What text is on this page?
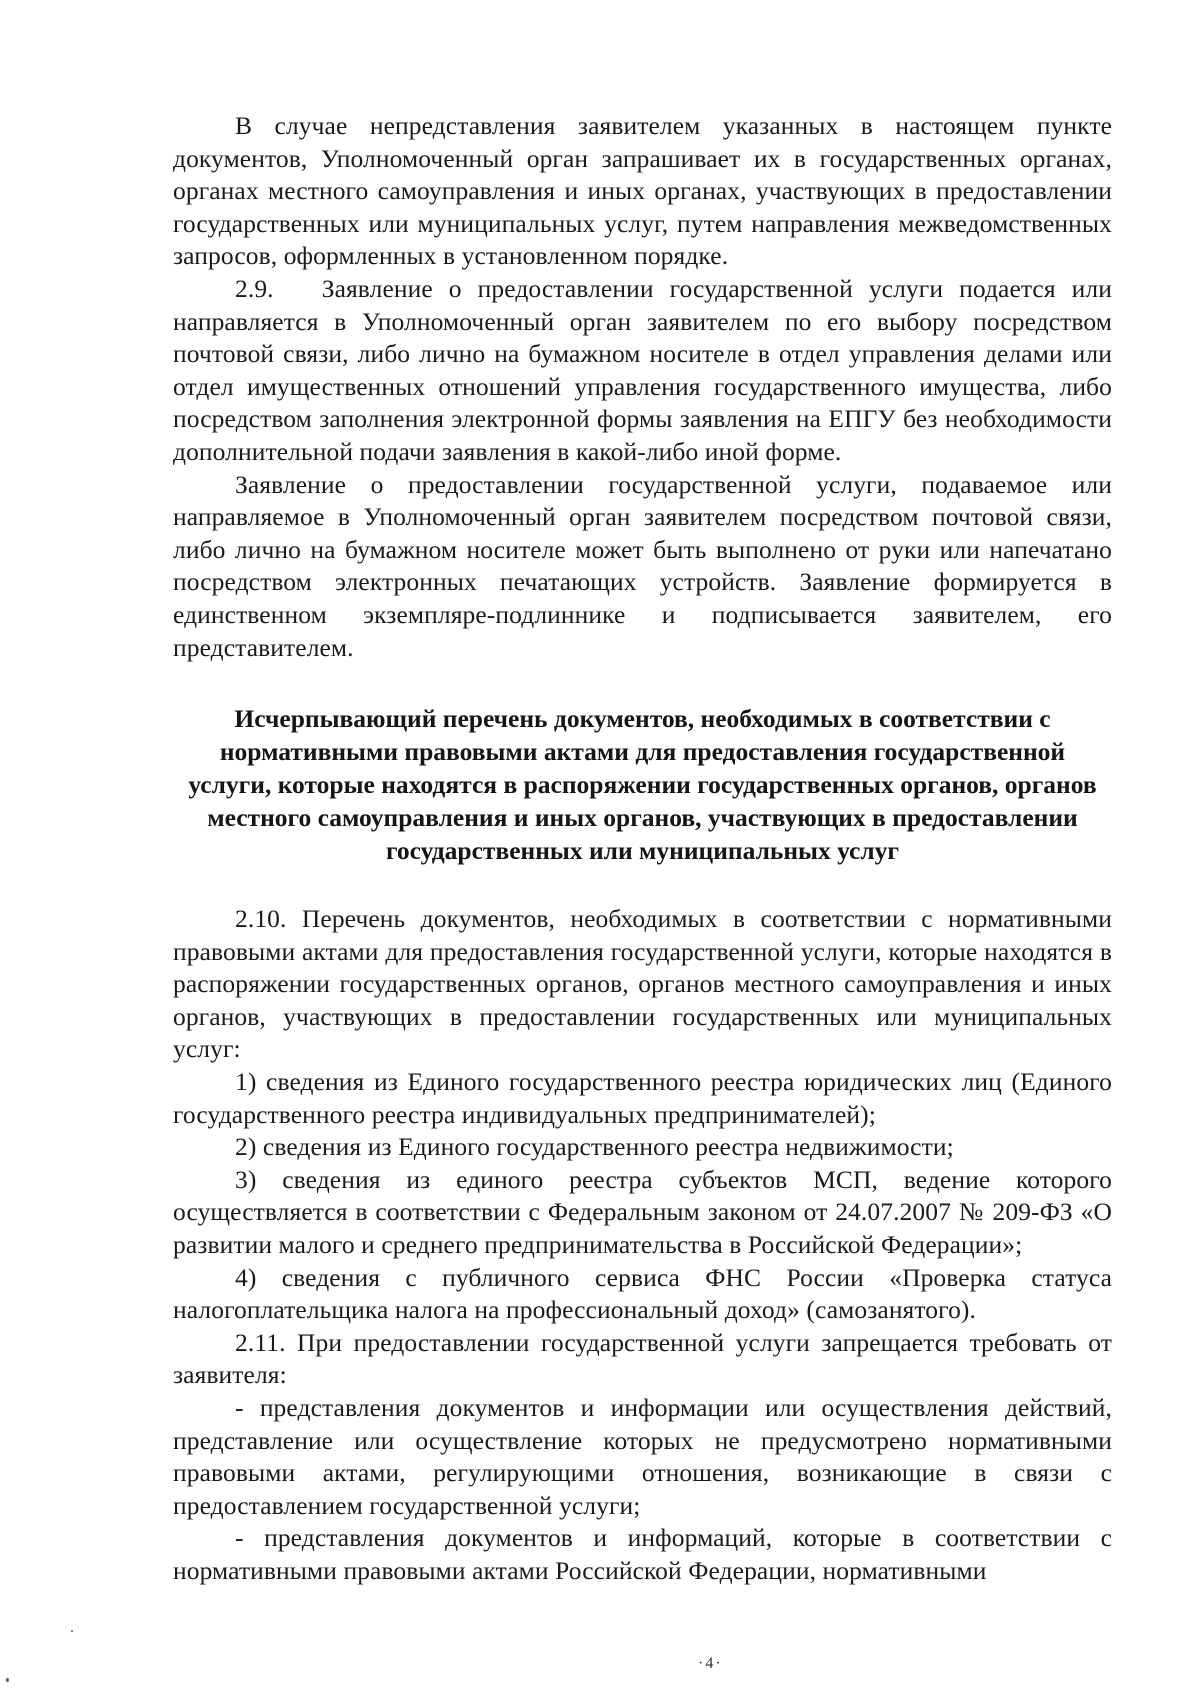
В случае непредставления заявителем указанных в настоящем пункте документов, Уполномоченный орган запрашивает их в государственных органах, органах местного самоуправления и иных органах, участвующих в предоставлении государственных или муниципальных услуг, путем направления межведомственных запросов, оформленных в установленном порядке.

2.9.   Заявление о предоставлении государственной услуги подается или направляется в Уполномоченный орган заявителем по его выбору посредством почтовой связи, либо лично на бумажном носителе в отдел управления делами или отдел имущественных отношений управления государственного имущества, либо посредством заполнения электронной формы заявления на ЕПГУ без необходимости дополнительной подачи заявления в какой-либо иной форме.

Заявление о предоставлении государственной услуги, подаваемое или направляемое в Уполномоченный орган заявителем посредством почтовой связи, либо лично на бумажном носителе может быть выполнено от руки или напечатано посредством электронных печатающих устройств. Заявление формируется в единственном экземпляре-подлиннике и подписывается заявителем, его представителем.

Исчерпывающий перечень документов, необходимых в соответствии с нормативными правовыми актами для предоставления государственной услуги, которые находятся в распоряжении государственных органов, органов местного самоуправления и иных органов, участвующих в предоставлении государственных или муниципальных услуг

2.10. Перечень документов, необходимых в соответствии с нормативными правовыми актами для предоставления государственной услуги, которые находятся в распоряжении государственных органов, органов местного самоуправления и иных органов, участвующих в предоставлении государственных или муниципальных услуг:

1) сведения из Единого государственного реестра юридических лиц (Единого государственного реестра индивидуальных предпринимателей);

2) сведения из Единого государственного реестра недвижимости;

3) сведения из единого реестра субъектов МСП, ведение которого осуществляется в соответствии с Федеральным законом от 24.07.2007 № 209-ФЗ «О развитии малого и среднего предпринимательства в Российской Федерации»;

4) сведения с публичного сервиса ФНС России «Проверка статуса налогоплательщика налога на профессиональный доход» (самозанятого).

2.11. При предоставлении государственной услуги запрещается требовать от заявителя:

- представления документов и информации или осуществления действий, представление или осуществление которых не предусмотрено нормативными правовыми актами, регулирующими отношения, возникающие в связи с предоставлением государственной услуги;

- представления документов и информаций, которые в соответствии с нормативными правовыми актами Российской Федерации, нормативными

·4·
